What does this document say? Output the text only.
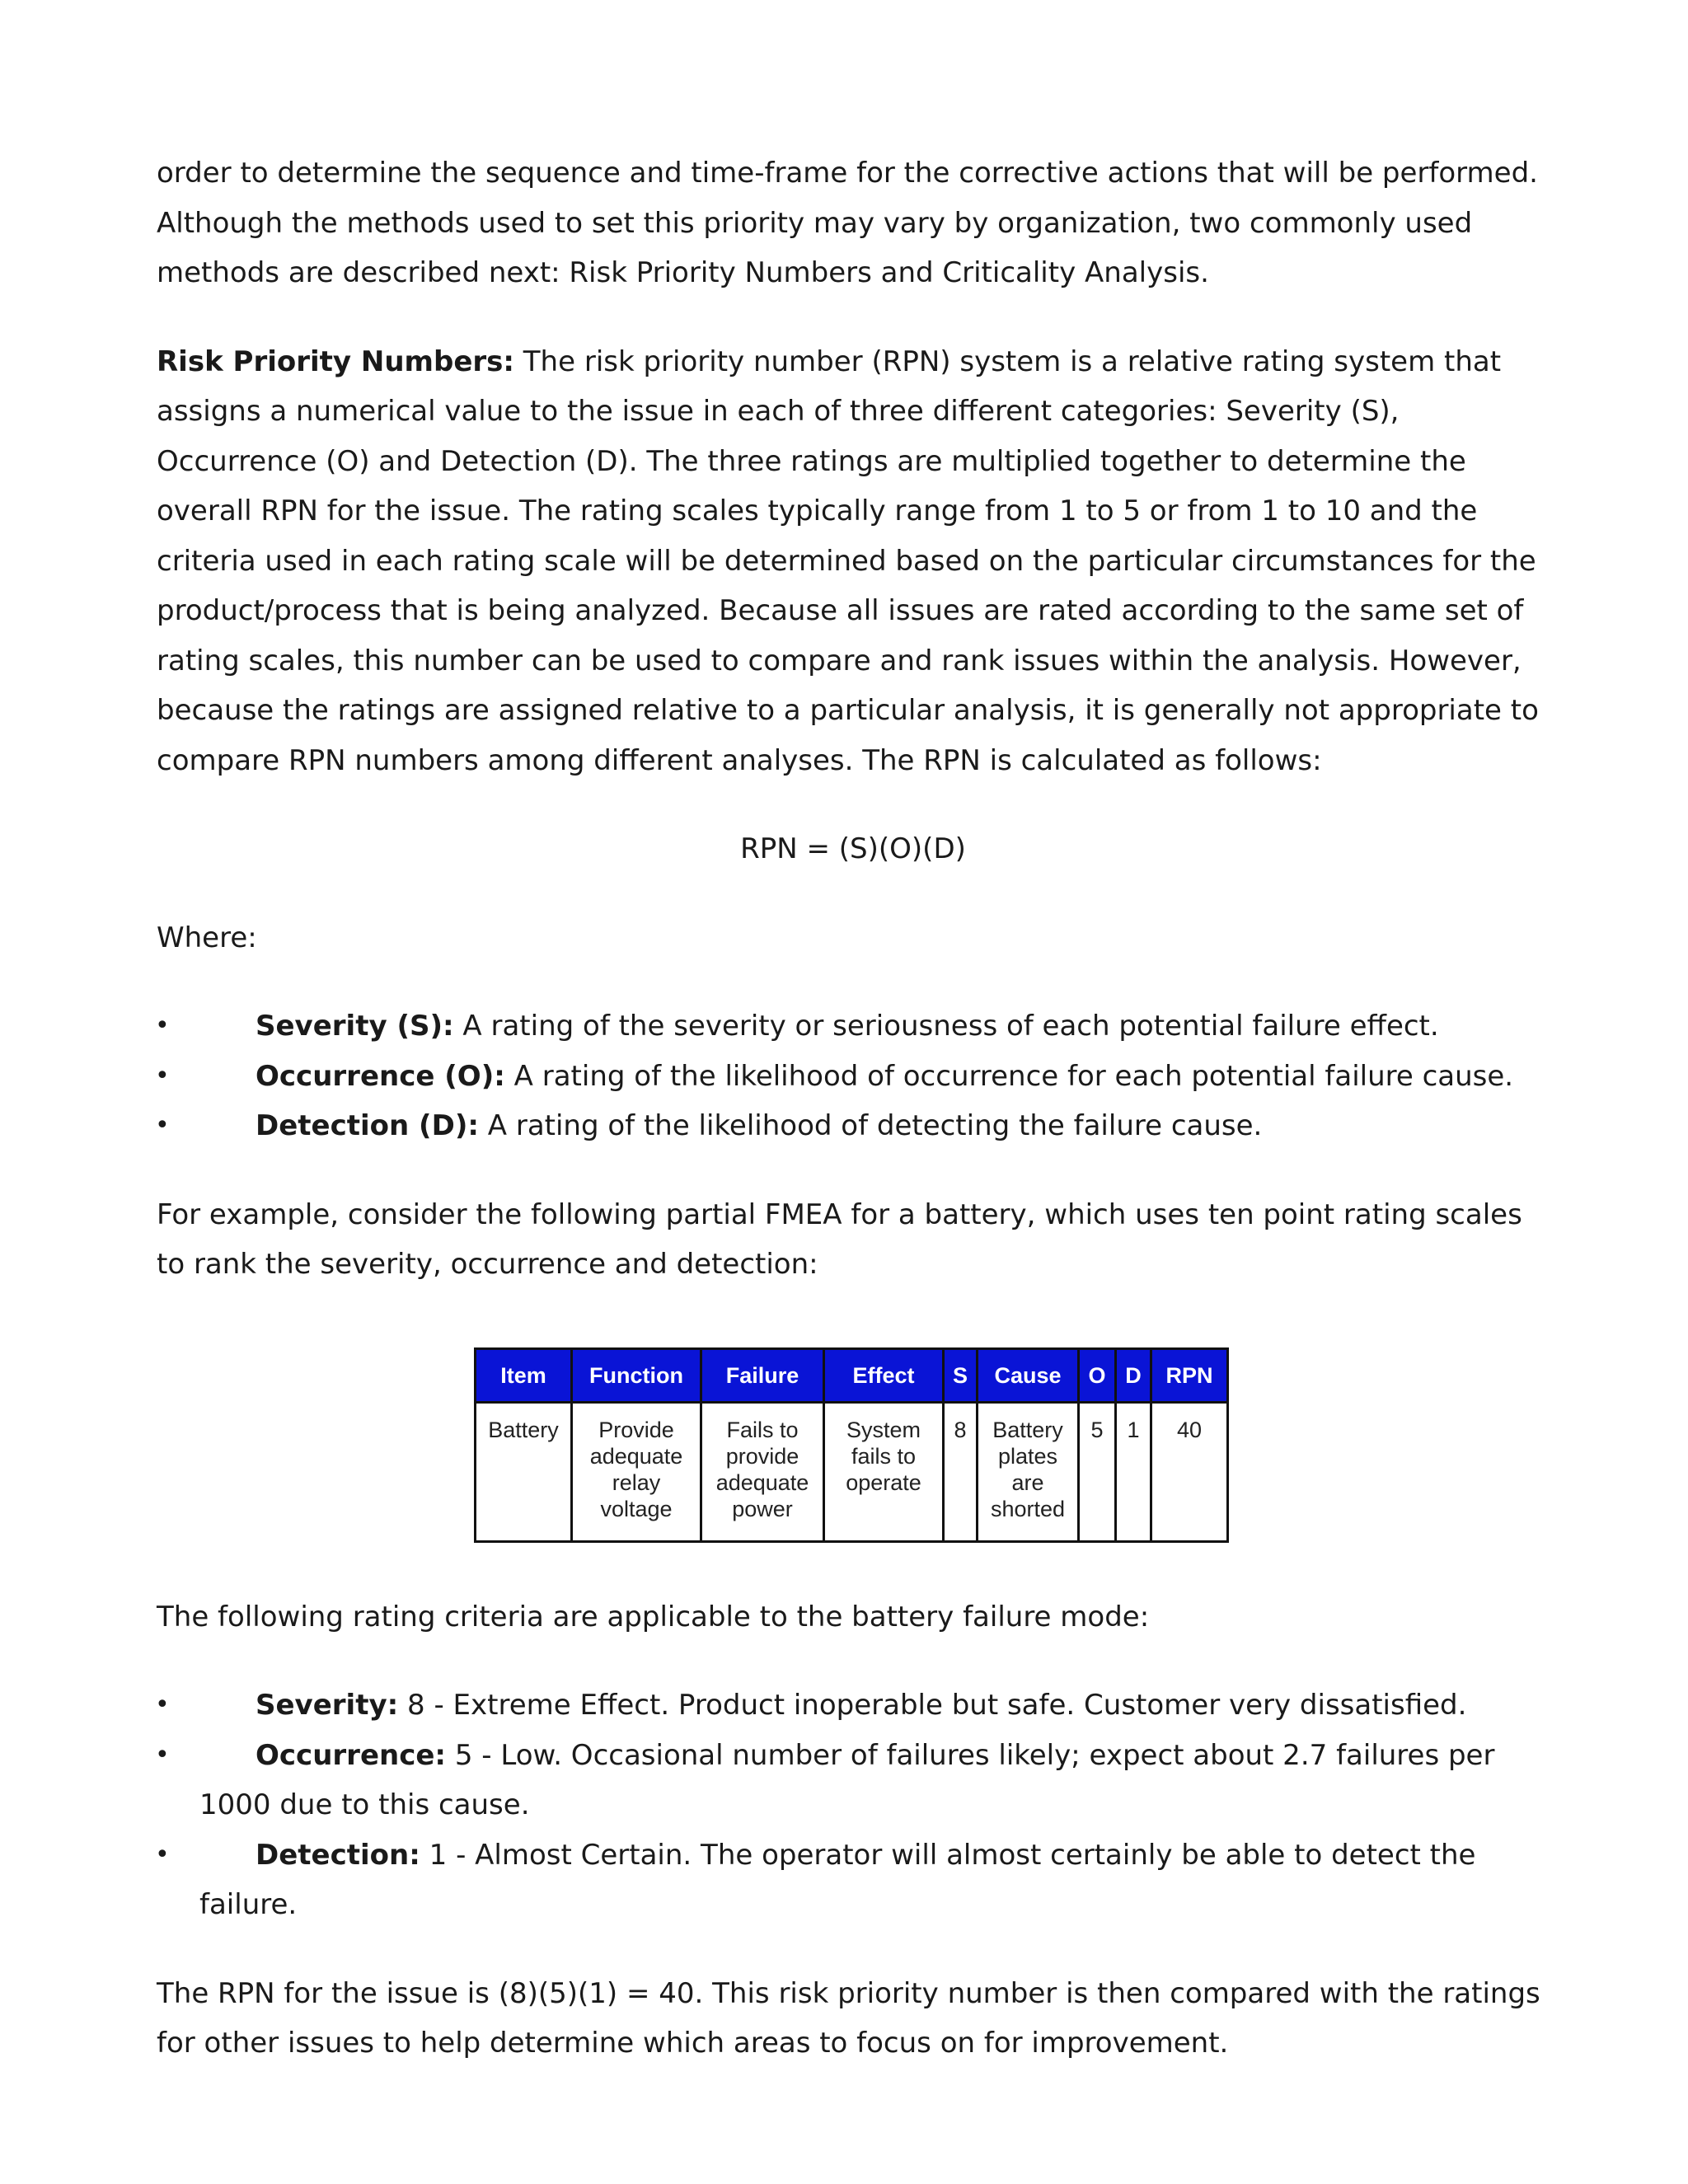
order to determine the sequence and time-frame for the corrective actions that will be performed. Although the methods used to set this priority may vary by organization, two commonly used methods are described next: Risk Priority Numbers and Criticality Analysis.

Risk Priority Numbers: The risk priority number (RPN) system is a relative rating system that assigns a numerical value to the issue in each of three different categories: Severity (S), Occurrence (O) and Detection (D). The three ratings are multiplied together to determine the overall RPN for the issue. The rating scales typically range from 1 to 5 or from 1 to 10 and the criteria used in each rating scale will be determined based on the particular circumstances for the product/process that is being analyzed. Because all issues are rated according to the same set of rating scales, this number can be used to compare and rank issues within the analysis. However, because the ratings are assigned relative to a particular analysis, it is generally not appropriate to compare RPN numbers among different analyses. The RPN is calculated as follows:

RPN = (S)(O)(D)

Where:

•	Severity (S): A rating of the severity or seriousness of each potential failure effect.
•	Occurrence (O): A rating of the likelihood of occurrence for each potential failure cause.
•	Detection (D): A rating of the likelihood of detecting the failure cause.

For example, consider the following partial FMEA for a battery, which uses ten point rating scales to rank the severity, occurrence and detection:

Item	Function	Failure	Effect	S	Cause	O	D	RPN
Battery	Provide adequate relay voltage	Fails to provide adequate power	System fails to operate	8	Battery plates are shorted	5	1	40

The following rating criteria are applicable to the battery failure mode:

•	Severity: 8 - Extreme Effect. Product inoperable but safe. Customer very dissatisfied.
•	Occurrence: 5 - Low. Occasional number of failures likely; expect about 2.7 failures per
1000 due to this cause.
•	Detection: 1 - Almost Certain. The operator will almost certainly be able to detect the
failure.

The RPN for the issue is (8)(5)(1) = 40. This risk priority number is then compared with the ratings for other issues to help determine which areas to focus on for improvement.
